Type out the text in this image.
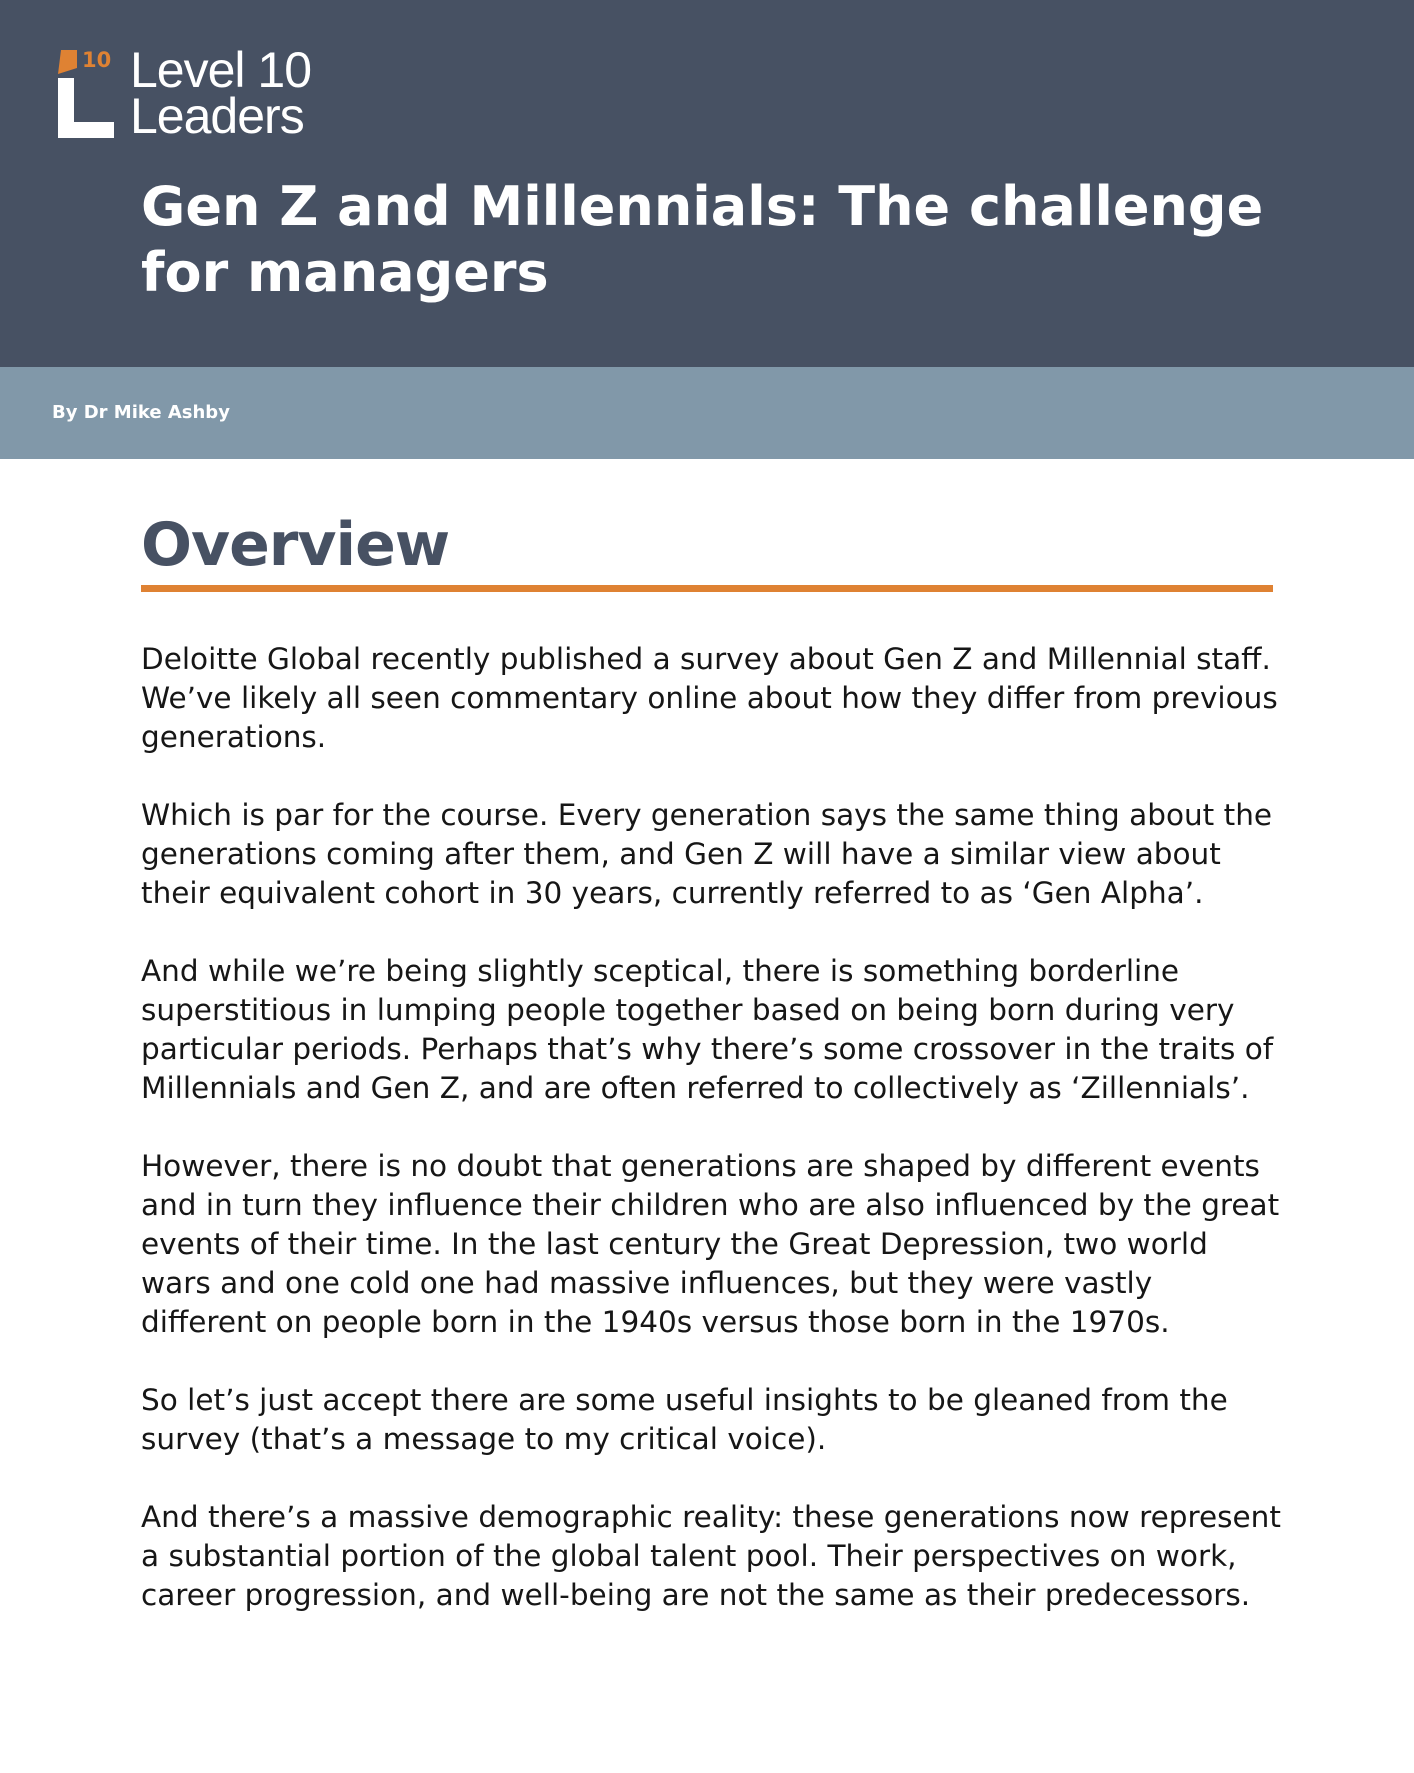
10 Level 10
Leaders
Gen Z and Millennials: The challenge for managers
By Dr Mike Ashby
Overview

Deloitte Global recently published a survey about Gen Z and Millennial staff. We’ve likely all seen commentary online about how they differ from previous generations.

Which is par for the course. Every generation says the same thing about the generations coming after them, and Gen Z will have a similar view about their equivalent cohort in 30 years, currently referred to as ‘Gen Alpha’.

And while we’re being slightly sceptical, there is something borderline superstitious in lumping people together based on being born during very particular periods. Perhaps that’s why there’s some crossover in the traits of Millennials and Gen Z, and are often referred to collectively as ‘Zillennials’.

However, there is no doubt that generations are shaped by different events and in turn they influence their children who are also influenced by the great events of their time. In the last century the Great Depression, two world wars and one cold one had massive influences, but they were vastly different on people born in the 1940s versus those born in the 1970s.

So let’s just accept there are some useful insights to be gleaned from the survey (that’s a message to my critical voice).

And there’s a massive demographic reality: these generations now represent a substantial portion of the global talent pool. Their perspectives on work, career progression, and well-being are not the same as their predecessors.
